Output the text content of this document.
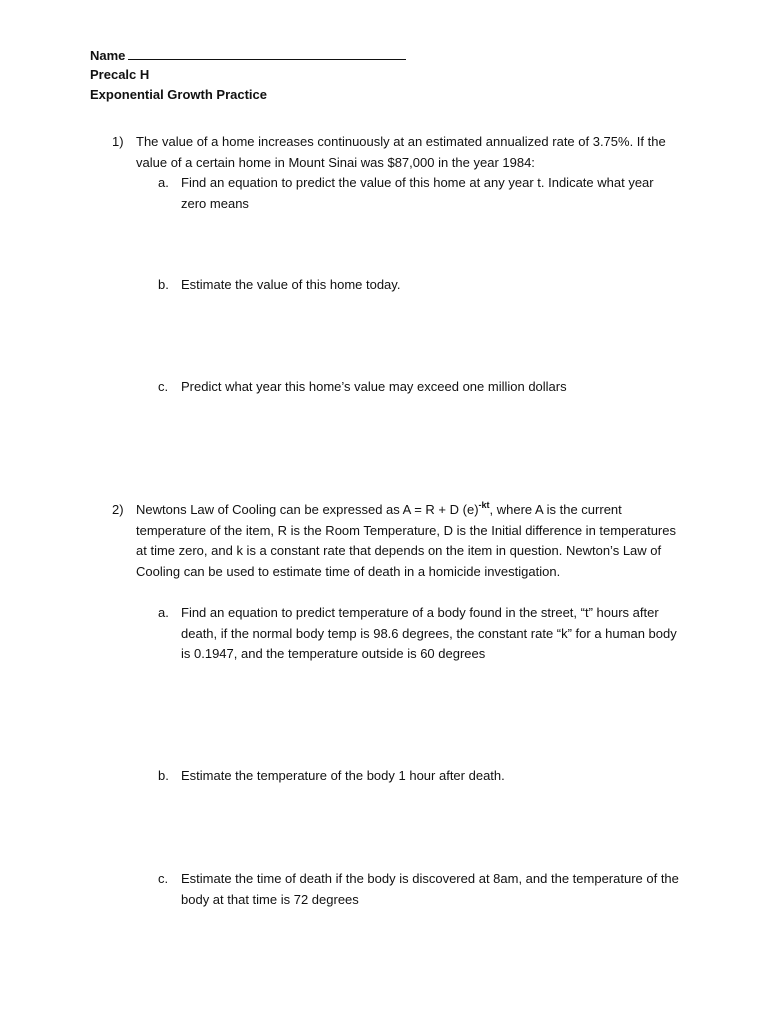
Name
Precalc H
Exponential Growth Practice
1) The value of a home increases continuously at an estimated annualized rate of 3.75%. If the value of a certain home in Mount Sinai was $87,000 in the year 1984:
a. Find an equation to predict the value of this home at any year t. Indicate what year zero means
b. Estimate the value of this home today.
c. Predict what year this home’s value may exceed one million dollars
2) Newtons Law of Cooling can be expressed as A = R + D $(e)^{-kt}$, where A is the current temperature of the item, R is the Room Temperature, D is the Initial difference in temperatures at time zero, and k is a constant rate that depends on the item in question. Newton’s Law of Cooling can be used to estimate time of death in a homicide investigation.
a. Find an equation to predict temperature of a body found in the street, “t” hours after death, if the normal body temp is 98.6 degrees, the constant rate “k” for a human body is 0.1947, and the temperature outside is 60 degrees
b. Estimate the temperature of the body 1 hour after death.
c. Estimate the time of death if the body is discovered at 8am, and the temperature of the body at that time is 72 degrees
